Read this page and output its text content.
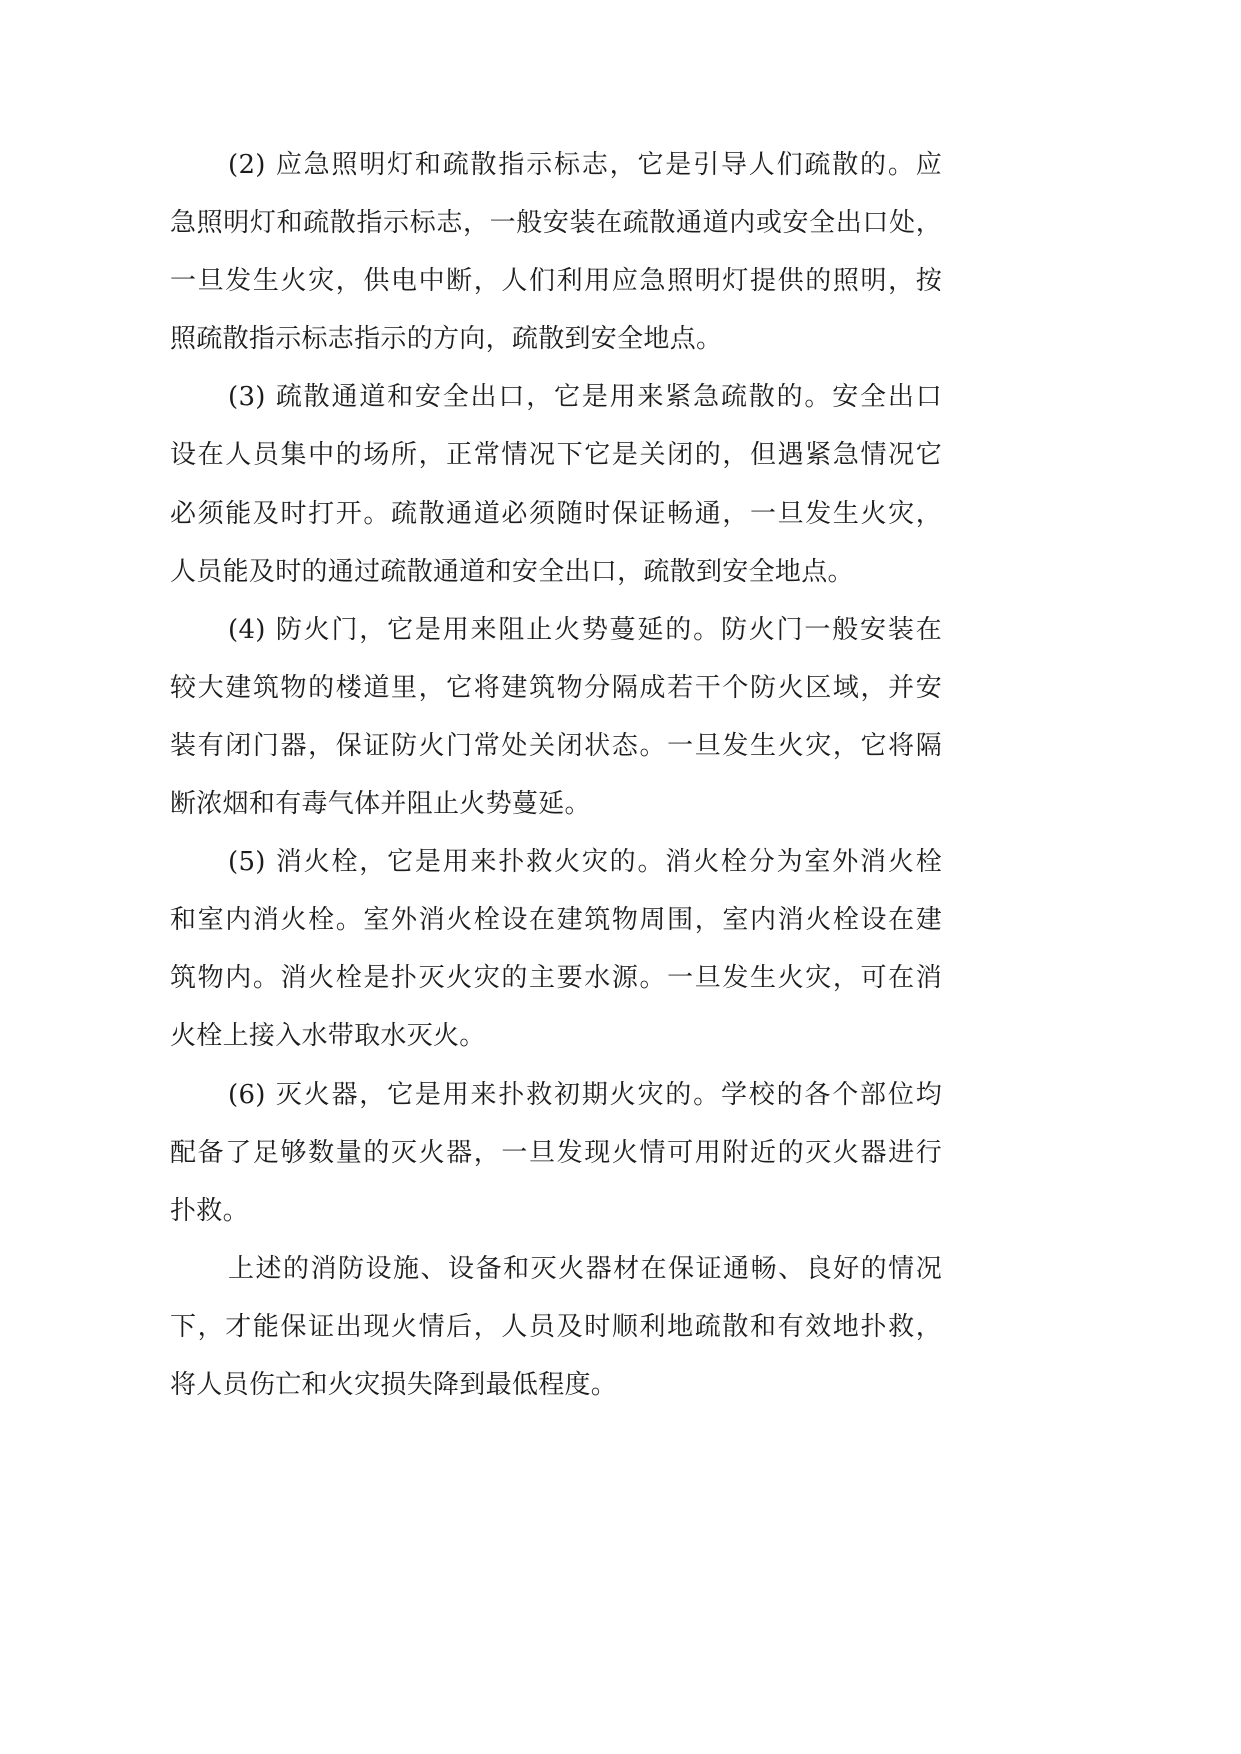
(2) 应急照明灯和疏散指示标志，它是引导人们疏散的。应
急照明灯和疏散指示标志，一般安装在疏散通道内或安全出口处，
一旦发生火灾，供电中断，人们利用应急照明灯提供的照明，按
照疏散指示标志指示的方向，疏散到安全地点。
(3) 疏散通道和安全出口，它是用来紧急疏散的。安全出口
设在人员集中的场所，正常情况下它是关闭的，但遇紧急情况它
必须能及时打开。疏散通道必须随时保证畅通，一旦发生火灾，
人员能及时的通过疏散通道和安全出口，疏散到安全地点。
(4) 防火门，它是用来阻止火势蔓延的。防火门一般安装在
较大建筑物的楼道里，它将建筑物分隔成若干个防火区域，并安
装有闭门器，保证防火门常处关闭状态。一旦发生火灾，它将隔
断浓烟和有毒气体并阻止火势蔓延。
(5) 消火栓，它是用来扑救火灾的。消火栓分为室外消火栓
和室内消火栓。室外消火栓设在建筑物周围，室内消火栓设在建
筑物内。消火栓是扑灭火灾的主要水源。一旦发生火灾，可在消
火栓上接入水带取水灭火。
(6) 灭火器，它是用来扑救初期火灾的。学校的各个部位均
配备了足够数量的灭火器，一旦发现火情可用附近的灭火器进行
扑救。
上述的消防设施、设备和灭火器材在保证通畅、良好的情况
下，才能保证出现火情后，人员及时顺利地疏散和有效地扑救，
将人员伤亡和火灾损失降到最低程度。
